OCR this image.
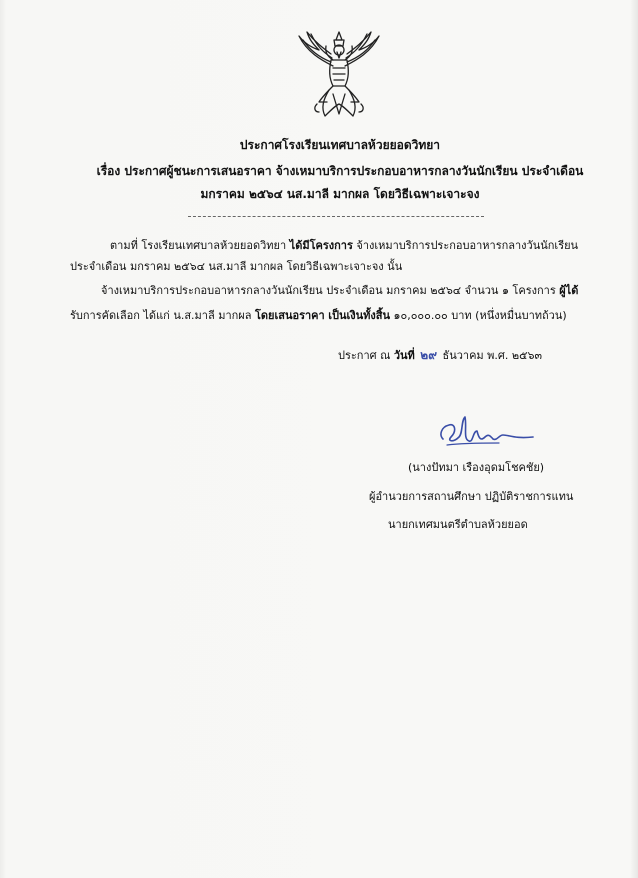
ประกาศโรงเรียนเทศบาลห้วยยอดวิทยา
เรื่อง ประกาศผู้ชนะการเสนอราคา จ้างเหมาบริการประกอบอาหารกลางวันนักเรียน ประจำเดือน
มกราคม ๒๕๖๔ นส.มาลี มากผล โดยวิธีเฉพาะเจาะจง
ตามที่ โรงเรียนเทศบาลห้วยยอดวิทยา ได้มีโครงการ จ้างเหมาบริการประกอบอาหารกลางวันนักเรียน
ประจำเดือน มกราคม ๒๕๖๔ นส.มาลี มากผล โดยวิธีเฉพาะเจาะจง นั้น
จ้างเหมาบริการประกอบอาหารกลางวันนักเรียน ประจำเดือน มกราคม ๒๕๖๔ จำนวน ๑ โครงการ ผู้ได้
รับการคัดเลือก ได้แก่ น.ส.มาลี มากผล โดยเสนอราคา เป็นเงินทั้งสิ้น ๑๐,๐๐๐.๐๐ บาท (หนึ่งหมื่นบาทถ้วน)
ประกาศ ณ วันที่ ๒๙ ธันวาคม พ.ศ. ๒๕๖๓
(นางปัทมา เรืองอุดมโชคชัย)
ผู้อำนวยการสถานศึกษา ปฏิบัติราชการแทน
นายกเทศมนตรีตำบลห้วยยอด
